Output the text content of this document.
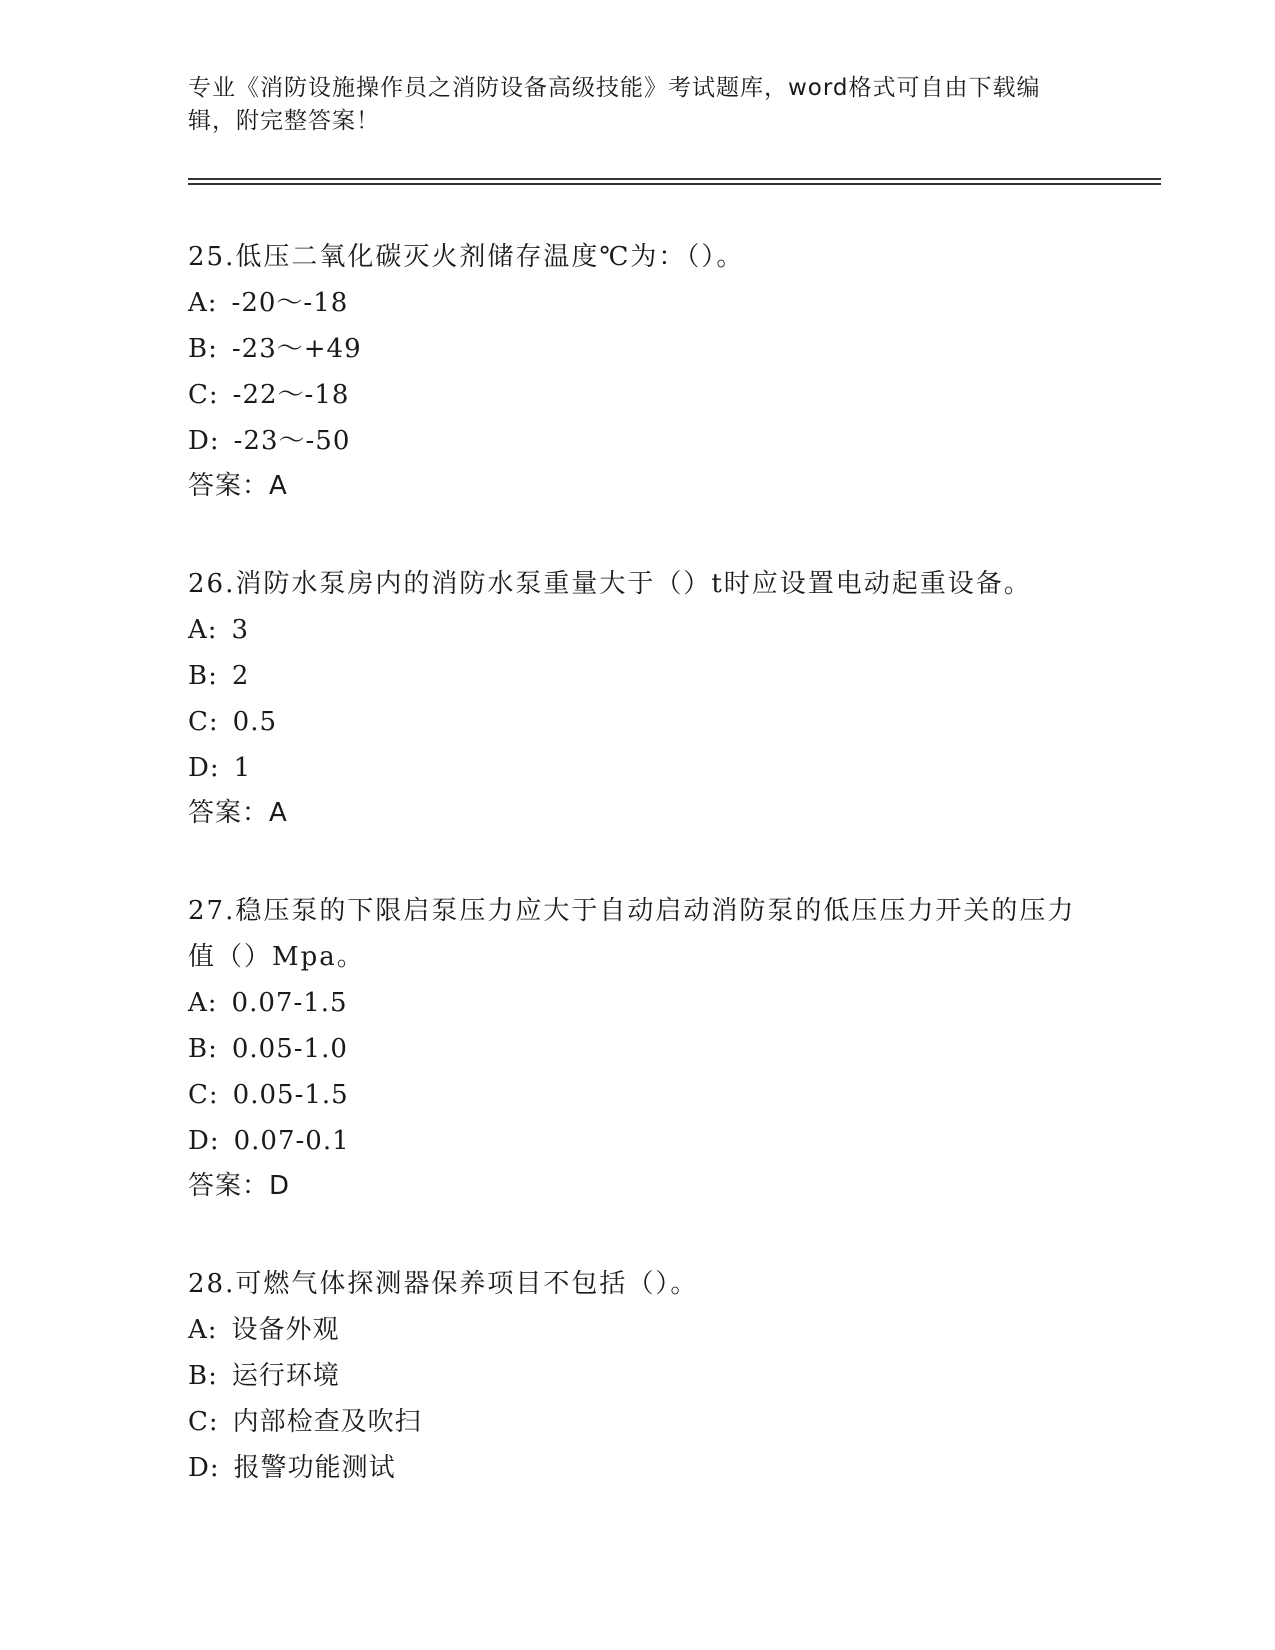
专业《消防设施操作员之消防设备高级技能》考试题库，word格式可自由下载编辑，附完整答案！
25.低压二氧化碳灭火剂储存温度℃为：（）。
A: -20～-18
B: -23～+49
C: -22～-18
D: -23～-50
答案：A
26.消防水泵房内的消防水泵重量大于（）t时应设置电动起重设备。
A: 3
B: 2
C: 0.5
D: 1
答案：A
27.稳压泵的下限启泵压力应大于自动启动消防泵的低压压力开关的压力值（）Mpa。
A: 0.07-1.5
B: 0.05-1.0
C: 0.05-1.5
D: 0.07-0.1
答案：D
28.可燃气体探测器保养项目不包括（）。
A: 设备外观
B: 运行环境
C: 内部检查及吹扫
D: 报警功能测试
